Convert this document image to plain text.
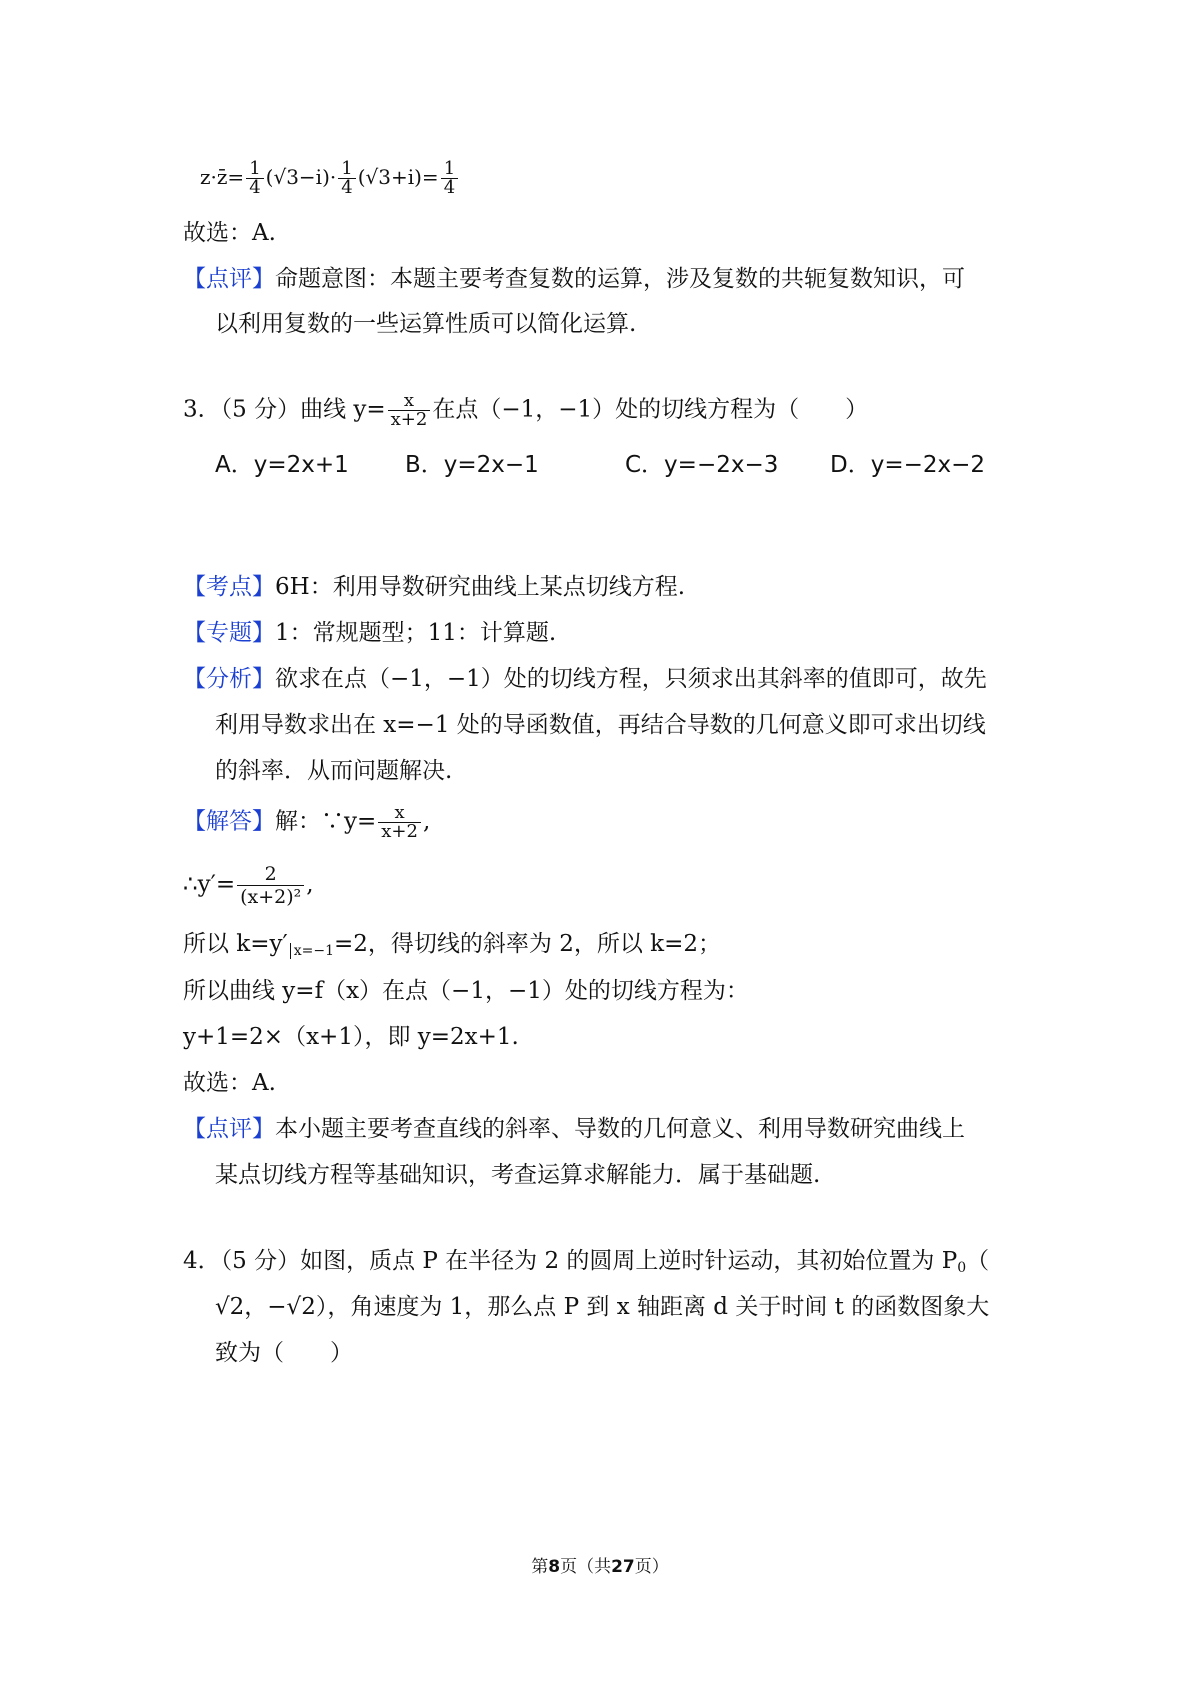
z·z̄= $\frac{1}{4} (√3-i)\cdot \frac{1}{4} (√3+i)= \frac{1}{4}$
故选：A.
【点评】命题意图：本题主要考查复数的运算，涉及复数的共轭复数知识，可
以利用复数的一些运算性质可以简化运算.
3．（5 分）曲线 $y= \frac{x}{x+2}$ 在点（−1，−1）处的切线方程为（　　）
A．y=2x+1 B．y=2x−1	C．y=−2x−3 D．y=−2x−2
【考点】6H：利用导数研究曲线上某点切线方程.
【专题】1：常规题型；11：计算题.
【分析】欲求在点（−1，−1）处的切线方程，只须求出其斜率的值即可，故先
利用导数求出在 x=−1 处的导函数值，再结合导数的几何意义即可求出切线
的斜率．从而问题解决.
【解答】解：∵y= $\frac{x}{x+2}$ ,
∴y′= $\frac{2}{\text{(x+2)²}}$ ,
所以 k=y′ $_{x=-1}$=2，得切线的斜率为 2，所以 k=2；
所以曲线 y=f（x）在点（−1，−1）处的切线方程为：
y+1=2×（x+1），即 y=2x+1.
故选：A.
【点评】本小题主要考查直线的斜率、导数的几何意义、利用导数研究曲线上
某点切线方程等基础知识，考查运算求解能力．属于基础题.
4．（5 分）如图，质点 P 在半径为 2 的圆周上逆时针运动，其初始位置为 $P_0$（
√2，−√2），角速度为 1，那么点 P 到 x 轴距离 d 关于时间 t 的函数图象大
致为（　　）
第8页（共27页）
